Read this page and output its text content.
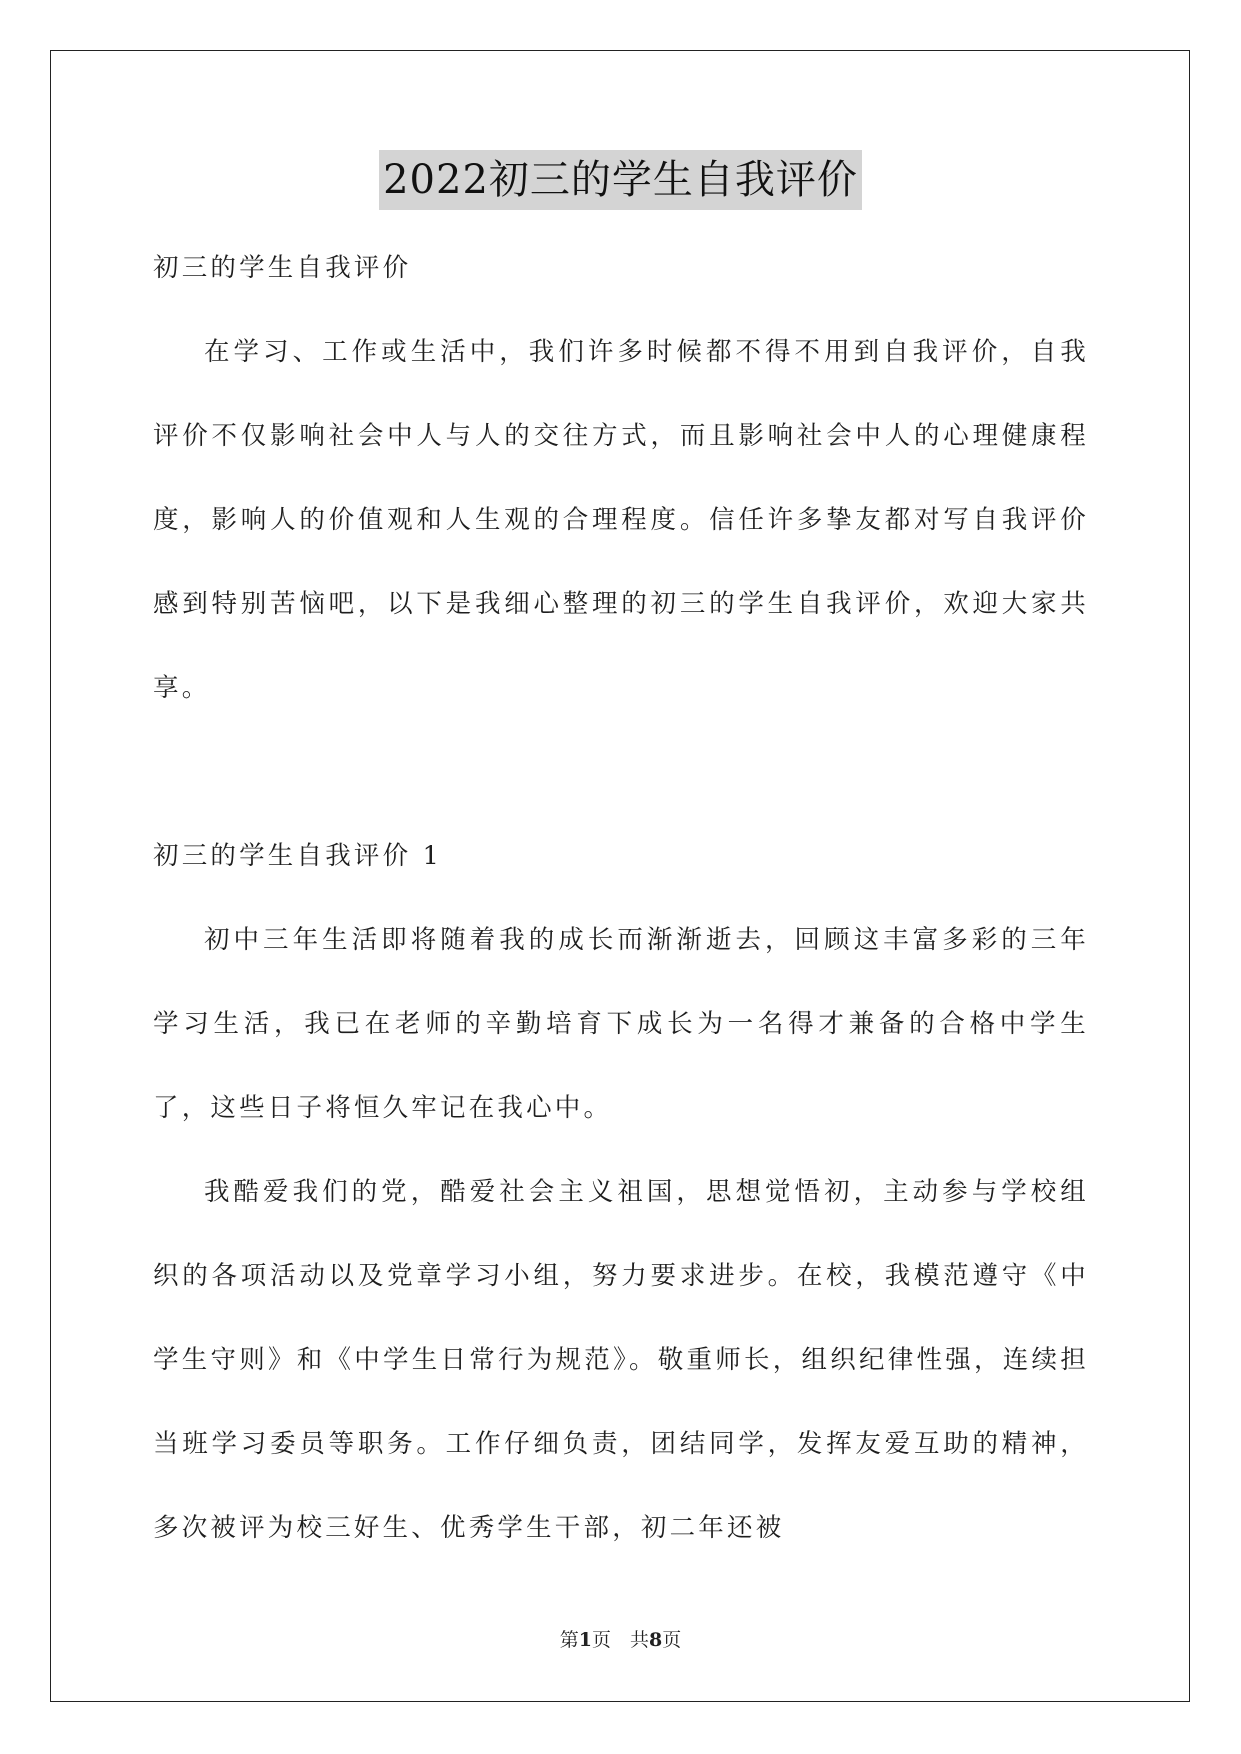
2022初三的学生自我评价

初三的学生自我评价

在学习、工作或生活中，我们许多时候都不得不用到自我评价，自我评价不仅影响社会中人与人的交往方式，而且影响社会中人的心理健康程度，影响人的价值观和人生观的合理程度。信任许多挚友都对写自我评价感到特别苦恼吧，以下是我细心整理的初三的学生自我评价，欢迎大家共享。

初三的学生自我评价 1

初中三年生活即将随着我的成长而渐渐逝去，回顾这丰富多彩的三年学习生活，我已在老师的辛勤培育下成长为一名得才兼备的合格中学生了，这些日子将恒久牢记在我心中。

我酷爱我们的党，酷爱社会主义祖国，思想觉悟初，主动参与学校组织的各项活动以及党章学习小组，努力要求进步。在校，我模范遵守《中学生守则》和《中学生日常行为规范》。敬重师长，组织纪律性强，连续担当班学习委员等职务。工作仔细负责，团结同学，发挥友爱互助的精神，多次被评为校三好生、优秀学生干部，初二年还被

第1页　共8页
